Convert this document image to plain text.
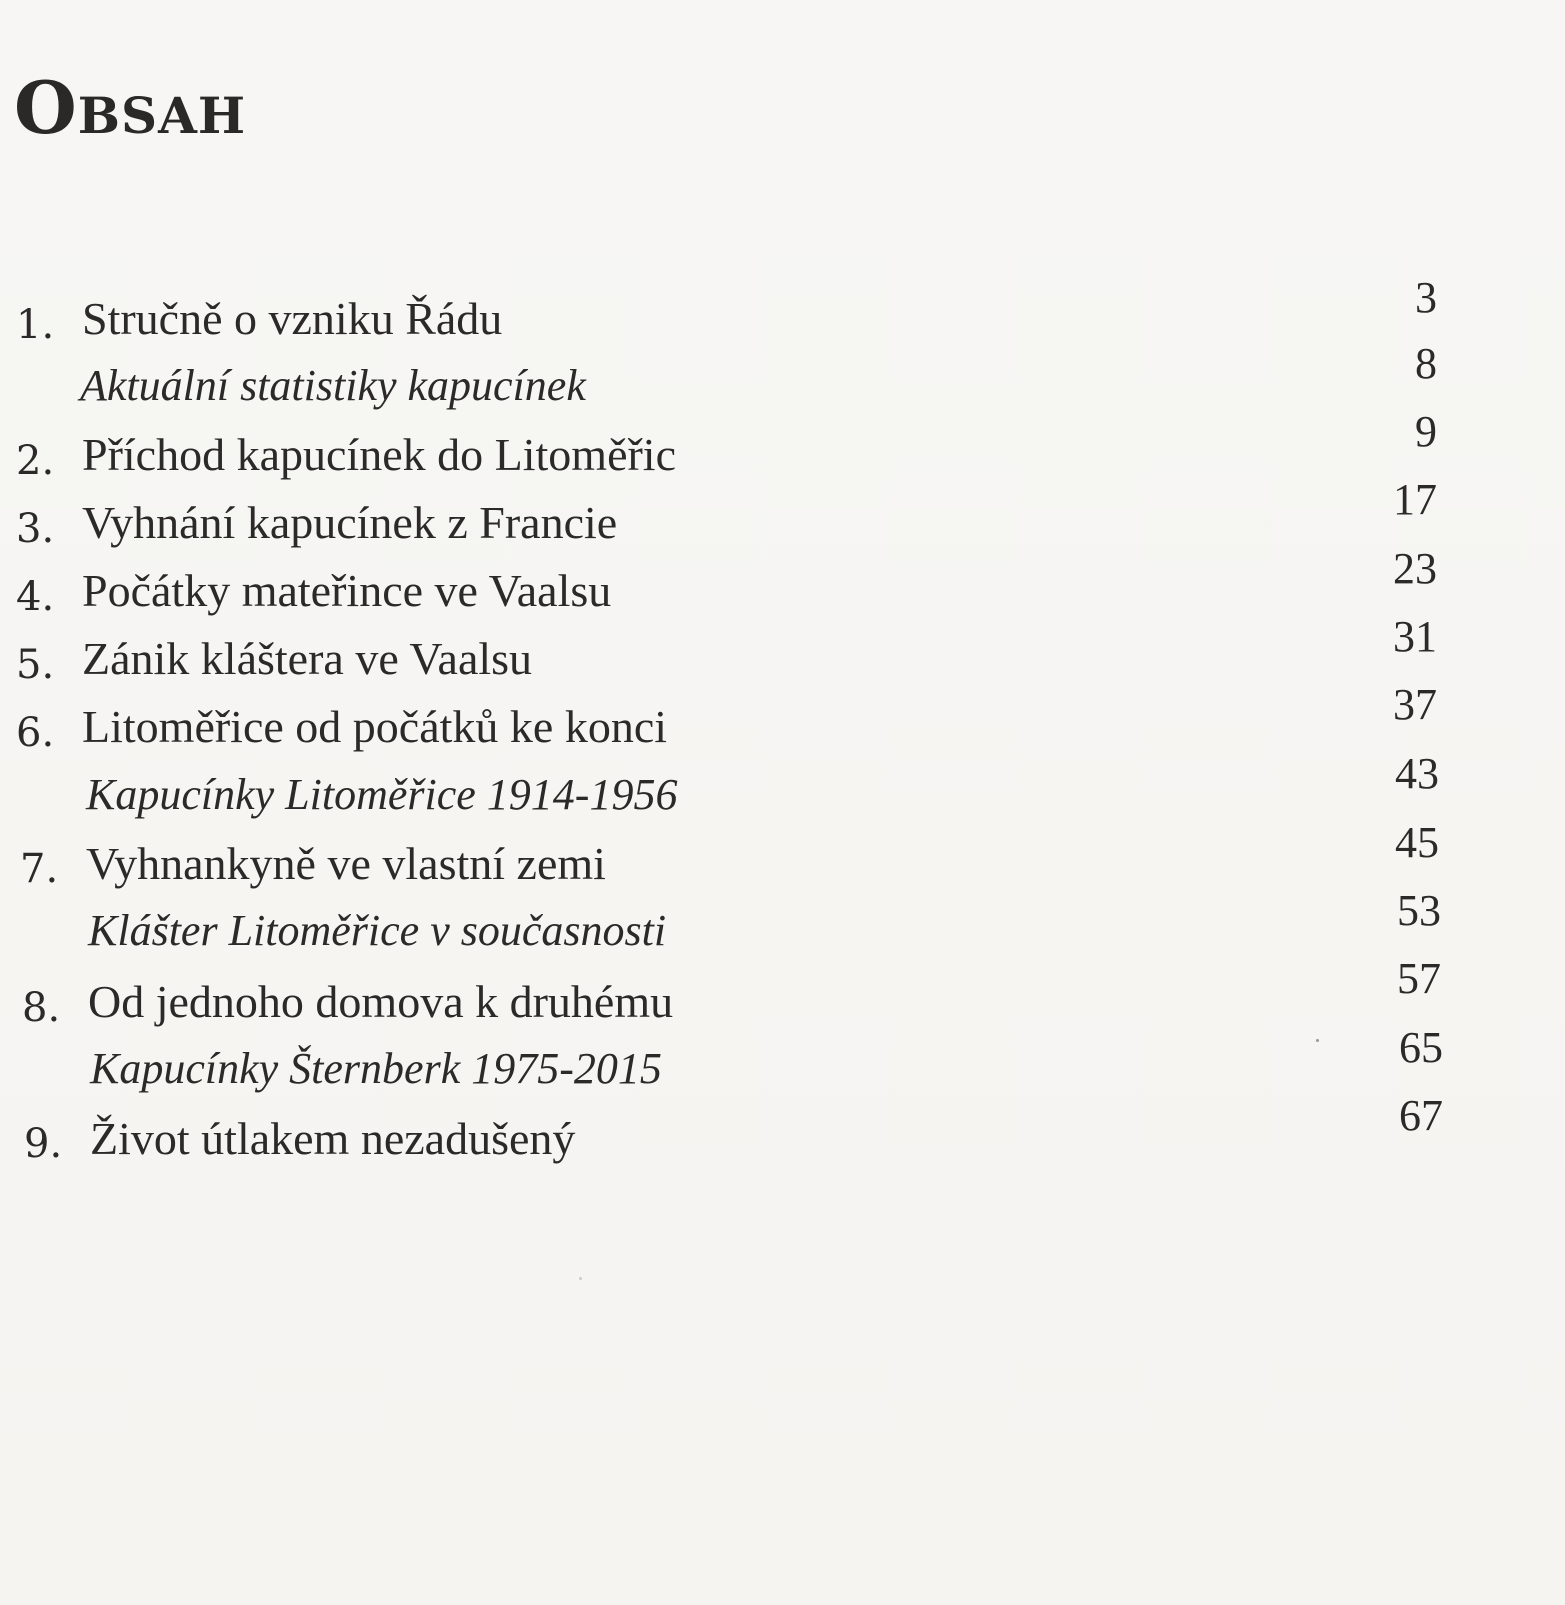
Obsah
1. Stručně o vzniku Řádu	3
Aktuální statistiky kapucínek	8
2. Příchod kapucínek do Litoměřic	9
3. Vyhnání kapucínek z Francie	17
4. Počátky mateřince ve Vaalsu	23
5. Zánik kláštera ve Vaalsu	31
6. Litoměřice od počátků ke konci	37
Kapucínky Litoměřice 1914-1956	43
7. Vyhnankyně ve vlastní zemi	45
Klášter Litoměřice v současnosti	53
8. Od jednoho domova k druhému	57
Kapucínky Šternberk 1975-2015	65
9. Život útlakem nezadušený	67
